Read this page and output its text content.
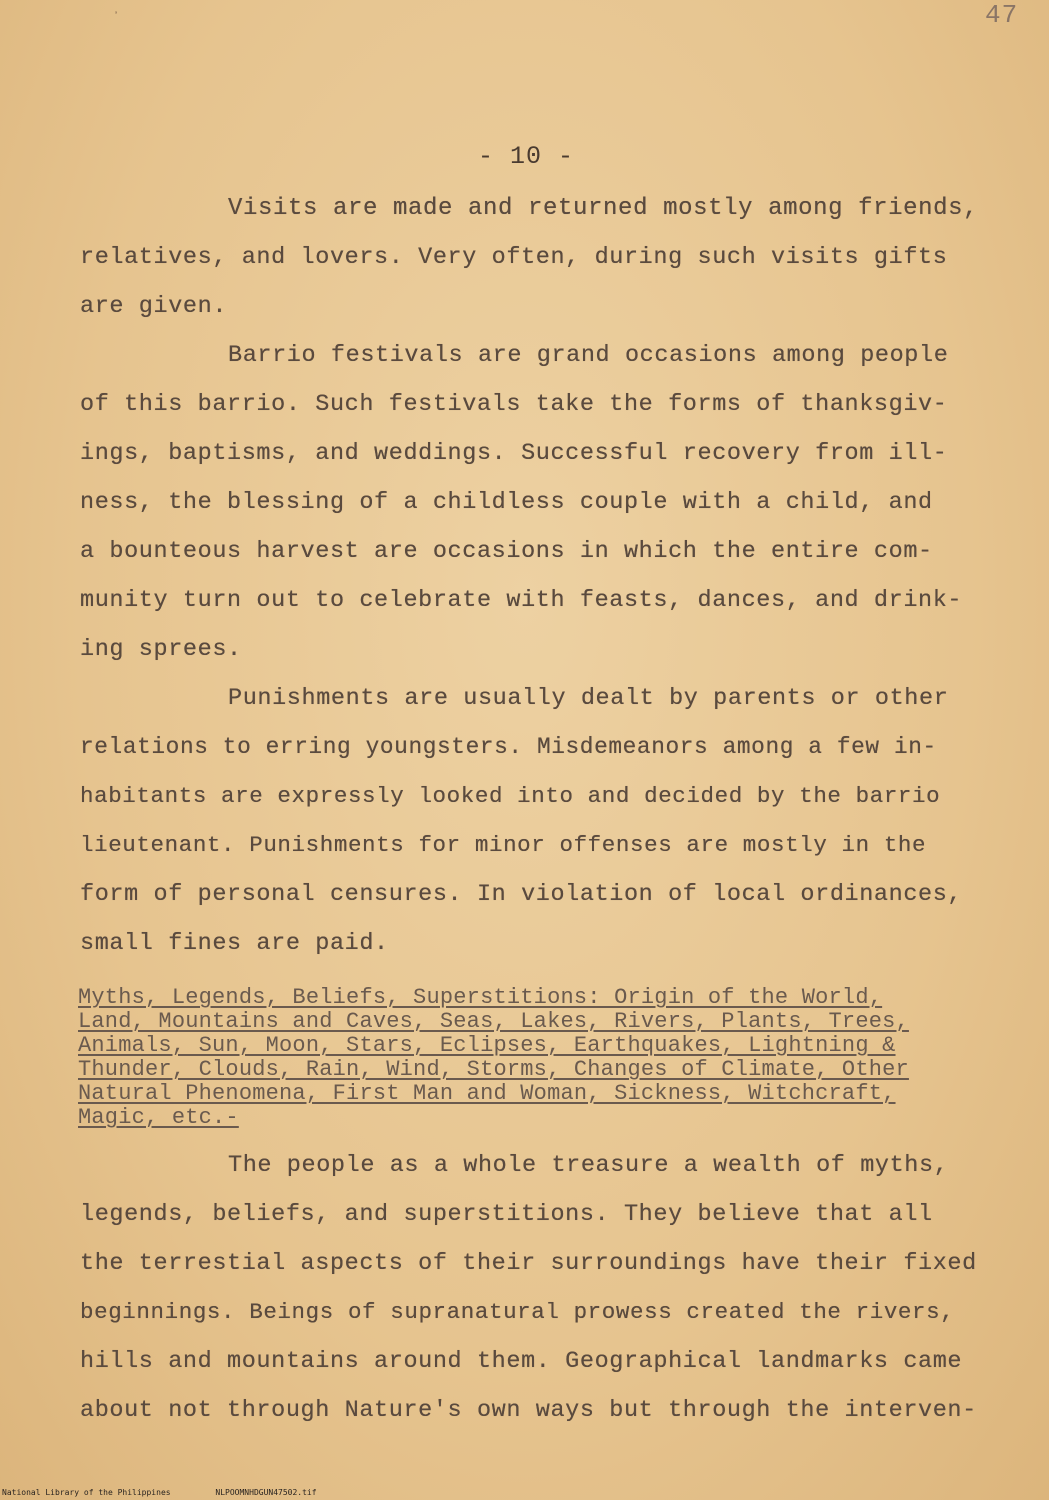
47
ʼ
- 10 -
Visits are made and returned mostly among friends,
relatives, and lovers. Very often, during such visits gifts
are given.
Barrio festivals are grand occasions among people
of this barrio. Such festivals take the forms of thanksgiv-
ings, baptisms, and weddings. Successful recovery from ill-
ness, the blessing of a childless couple with a child, and
a bounteous harvest are occasions in which the entire com-
munity turn out to celebrate with feasts, dances, and drink-
ing sprees.
Punishments are usually dealt by parents or other
relations to erring youngsters. Misdemeanors among a few in-
habitants are expressly looked into and decided by the barrio
lieutenant. Punishments for minor offenses are mostly in the
form of personal censures. In violation of local ordinances,
small fines are paid.
Myths, Legends, Beliefs, Superstitions: Origin of the World,
Land, Mountains and Caves, Seas, Lakes, Rivers, Plants, Trees,
Animals, Sun, Moon, Stars, Eclipses, Earthquakes, Lightning &
Thunder, Clouds, Rain, Wind, Storms, Changes of Climate, Other
Natural Phenomena, First Man and Woman, Sickness, Witchcraft,
Magic, etc.-
The people as a whole treasure a wealth of myths,
legends, beliefs, and superstitions. They believe that all
the terrestial aspects of their surroundings have their fixed
beginnings. Beings of supranatural prowess created the rivers,
hills and mountains around them. Geographical landmarks came
about not through Nature's own ways but through the interven-
National Library of the Philippines	NLPOOMNHDGUN47502.tif
